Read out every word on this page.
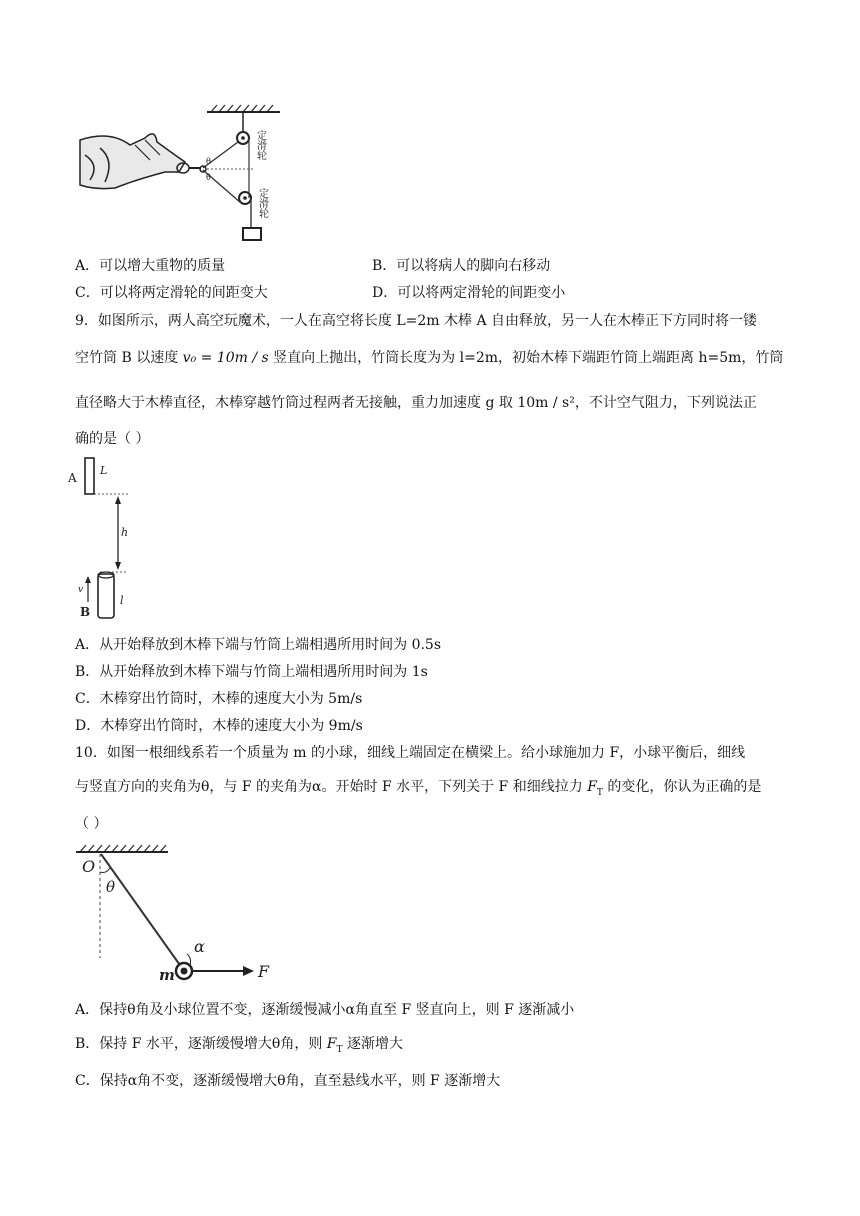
θ
θ
定滑轮
定滑轮
A．可以增大重物的质量	B．可以将病人的脚向右移动
C．可以将两定滑轮的间距变大	D．可以将两定滑轮的间距变小
9．如图所示，两人高空玩魔术，一人在高空将长度 L=2m 木棒 A 自由释放，另一人在木棒正下方同时将一镂
空竹筒 B 以速度 v₀ = 10m / s 竖直向上抛出，竹筒长度为为 l=2m，初始木棒下端距竹筒上端距离 h=5m，竹筒
直径略大于木棒直径，木棒穿越竹筒过程两者无接触，重力加速度 g 取 10m / s²，不计空气阻力，下列说法正
确的是（ ）
A
L
h
v
B
l
A．从开始释放到木棒下端与竹筒上端相遇所用时间为 0.5s
B．从开始释放到木棒下端与竹筒上端相遇所用时间为 1s
C．木棒穿出竹筒时，木棒的速度大小为 5m/s
D．木棒穿出竹筒时，木棒的速度大小为 9m/s
10．如图一根细线系若一个质量为 m 的小球，细线上端固定在横梁上。给小球施加力 F，小球平衡后，细线
与竖直方向的夹角为θ，与 F 的夹角为α。开始时 F 水平，下列关于 F 和细线拉力 $F_T$ 的变化，你认为正确的是
（ ）
O
θ
α
m	F
A．保持θ角及小球位置不变，逐渐缓慢减小α角直至 F 竖直向上，则 F 逐渐减小
B．保持 F 水平，逐渐缓慢增大θ角，则 $F_T$ 逐渐增大
C．保持α角不变，逐渐缓慢增大θ角，直至悬线水平，则 F 逐渐增大
